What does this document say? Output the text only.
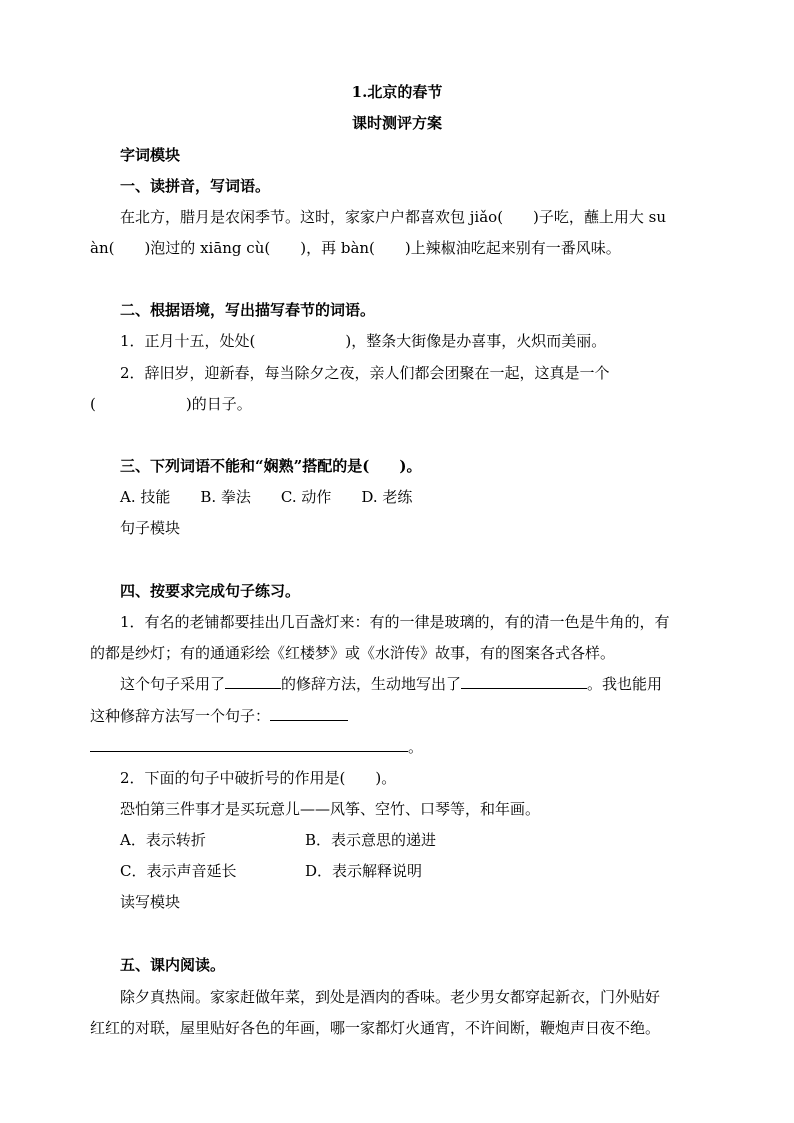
1.北京的春节
课时测评方案
字词模块
一、读拼音，写词语。
在北方，腊月是农闲季节。这时，家家户户都喜欢包 jiǎo(　　)子吃，蘸上用大 su
àn(　　)泡过的 xiāng cù(　　)，再 bàn(　　)上辣椒油吃起来别有一番风味。
二、根据语境，写出描写春节的词语。
1．正月十五，处处(　　　　　　)，整条大街像是办喜事，火炽而美丽。
2．辞旧岁，迎新春，每当除夕之夜，亲人们都会团聚在一起，这真是一个
(　　　　　　)的日子。
三、下列词语不能和“娴熟”搭配的是(　　)。
A. 技能　　B. 拳法　　C. 动作　　D. 老练
句子模块
四、按要求完成句子练习。
1．有名的老铺都要挂出几百盏灯来：有的一律是玻璃的，有的清一色是牛角的，有
的都是纱灯；有的通通彩绘《红楼梦》或《水浒传》故事，有的图案各式各样。
这个句子采用了	的修辞方法，生动地写出了	。我也能用
这种修辞方法写一个句子：
。
2．下面的句子中破折号的作用是(　　)。
恐怕第三件事才是买玩意儿——风筝、空竹、口琴等，和年画。
A．表示转折	B．表示意思的递进
C．表示声音延长	D．表示解释说明
读写模块
五、课内阅读。
除夕真热闹。家家赶做年菜，到处是酒肉的香味。老少男女都穿起新衣，门外贴好
红红的对联，屋里贴好各色的年画，哪一家都灯火通宵，不许间断，鞭炮声日夜不绝。
